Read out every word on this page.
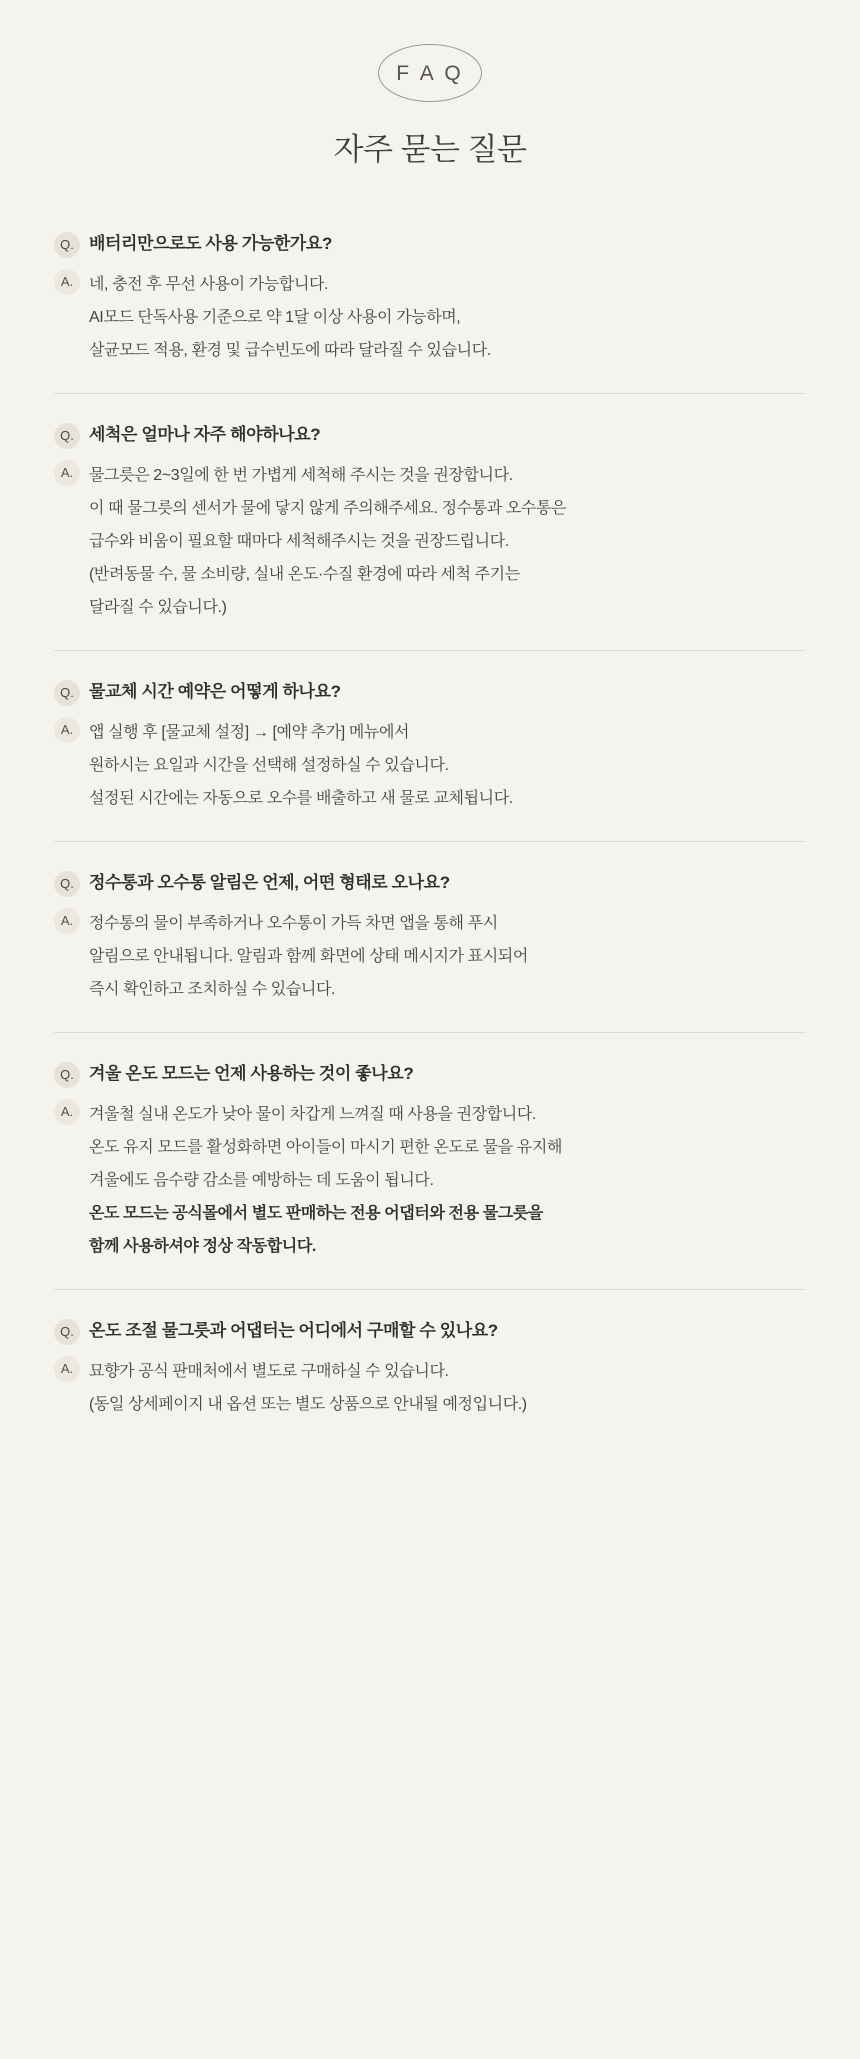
F A Q
자주 묻는 질문
Q. 배터리만으로도 사용 가능한가요?
A. 네, 충전 후 무선 사용이 가능합니다.
AI모드 단독사용 기준으로 약 1달 이상 사용이 가능하며,
살균모드 적용, 환경 및 급수빈도에 따라 달라질 수 있습니다.
Q. 세척은 얼마나 자주 해야하나요?
A. 물그릇은 2~3일에 한 번 가볍게 세척해 주시는 것을 권장합니다.
이 때 물그릇의 센서가 물에 닿지 않게 주의해주세요. 정수통과 오수통은
급수와 비움이 필요할 때마다 세척해주시는 것을 권장드립니다.
(반려동물 수, 물 소비량, 실내 온도·수질 환경에 따라 세척 주기는
달라질 수 있습니다.)
Q. 물교체 시간 예약은 어떻게 하나요?
A. 앱 실행 후 [물교체 설정] → [예약 추가] 메뉴에서
원하시는 요일과 시간을 선택해 설정하실 수 있습니다.
설정된 시간에는 자동으로 오수를 배출하고 새 물로 교체됩니다.
Q. 정수통과 오수통 알림은 언제, 어떤 형태로 오나요?
A. 정수통의 물이 부족하거나 오수통이 가득 차면 앱을 통해 푸시
알림으로 안내됩니다. 알림과 함께 화면에 상태 메시지가 표시되어
즉시 확인하고 조치하실 수 있습니다.
Q. 겨울 온도 모드는 언제 사용하는 것이 좋나요?
A. 겨울철 실내 온도가 낮아 물이 차갑게 느껴질 때 사용을 권장합니다.
온도 유지 모드를 활성화하면 아이들이 마시기 편한 온도로 물을 유지해
겨울에도 음수량 감소를 예방하는 데 도움이 됩니다.
온도 모드는 공식몰에서 별도 판매하는 전용 어댑터와 전용 물그릇을
함께 사용하셔야 정상 작동합니다.
Q. 온도 조절 물그릇과 어댑터는 어디에서 구매할 수 있나요?
A. 묘향가 공식 판매처에서 별도로 구매하실 수 있습니다.
(동일 상세페이지 내 옵션 또는 별도 상품으로 안내될 예정입니다.)
